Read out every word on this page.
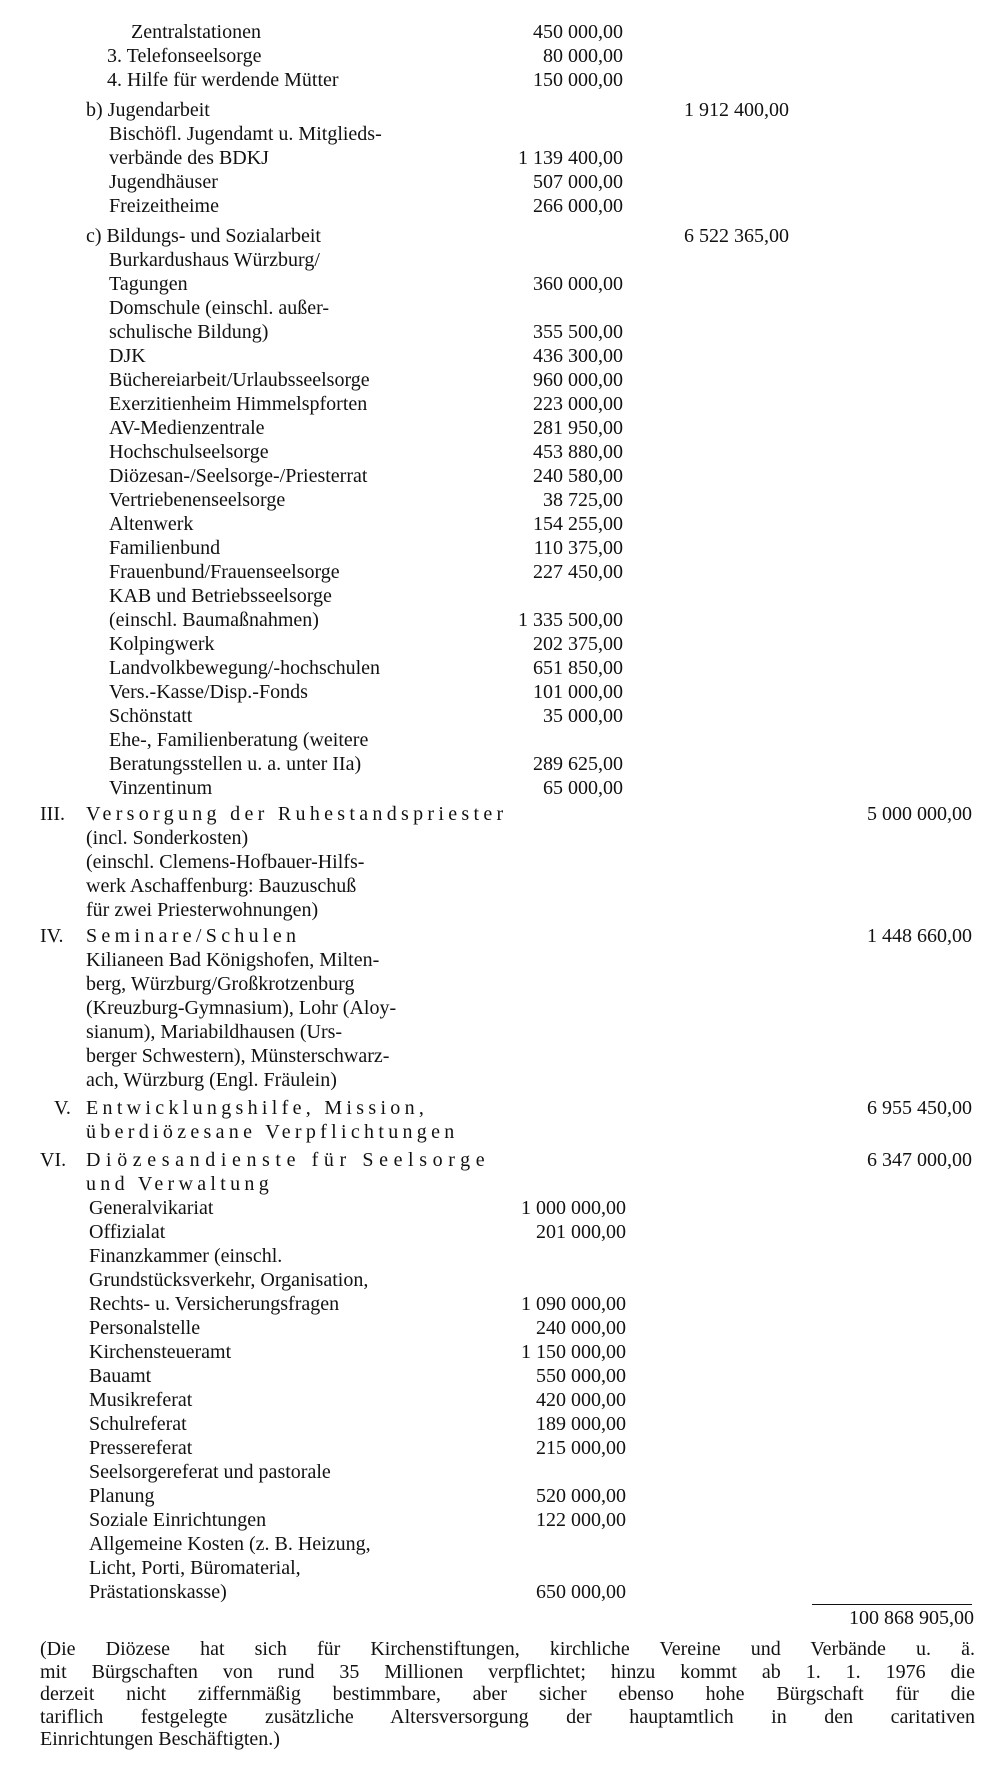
Zentralstationen	450 000,00
3. Telefonseelsorge	80 000,00
4. Hilfe für werdende Mütter	150 000,00
b) Jugendarbeit	1 912 400,00
Bischöfl. Jugendamt u. Mitglieds-
verbände des BDKJ	1 139 400,00
Jugendhäuser	507 000,00
Freizeitheime	266 000,00
c) Bildungs- und Sozialarbeit	6 522 365,00
Burkardushaus Würzburg/
Tagungen	360 000,00
Domschule (einschl. außer-
schulische Bildung)	355 500,00
DJK	436 300,00
Büchereiarbeit/Urlaubsseelsorge	960 000,00
Exerzitienheim Himmelspforten	223 000,00
AV-Medienzentrale	281 950,00
Hochschulseelsorge	453 880,00
Diözesan-/Seelsorge-/Priesterrat	240 580,00
Vertriebenenseelsorge	38 725,00
Altenwerk	154 255,00
Familienbund	110 375,00
Frauenbund/Frauenseelsorge	227 450,00
KAB und Betriebsseelsorge
(einschl. Baumaßnahmen)	1 335 500,00
Kolpingwerk	202 375,00
Landvolkbewegung/-hochschulen	651 850,00
Vers.-Kasse/Disp.-Fonds	101 000,00
Schönstatt	35 000,00
Ehe-, Familienberatung (weitere
Beratungsstellen u. a. unter IIa)	289 625,00
Vinzentinum	65 000,00
III. Versorgung der Ruhestandspriester	5 000 000,00
(incl. Sonderkosten)
(einschl. Clemens-Hofbauer-Hilfs-
werk Aschaffenburg: Bauzuschuß
für zwei Priesterwohnungen)
IV. Seminare/Schulen	1 448 660,00
Kilianeen Bad Königshofen, Milten-
berg, Würzburg/Großkrotzenburg
(Kreuzburg-Gymnasium), Lohr (Aloy-
sianum), Mariabildhausen (Urs-
berger Schwestern), Münsterschwarz-
ach, Würzburg (Engl. Fräulein)
V. Entwicklungshilfe, Mission,	6 955 450,00
überdiözesane Verpflichtungen
VI. Diözesandienste für Seelsorge	6 347 000,00
und Verwaltung
Generalvikariat	1 000 000,00
Offizialat	201 000,00
Finanzkammer (einschl.
Grundstücksverkehr, Organisation,
Rechts- u. Versicherungsfragen	1 090 000,00
Personalstelle	240 000,00
Kirchensteueramt	1 150 000,00
Bauamt	550 000,00
Musikreferat	420 000,00
Schulreferat	189 000,00
Pressereferat	215 000,00
Seelsorgereferat und pastorale
Planung	520 000,00
Soziale Einrichtungen	122 000,00
Allgemeine Kosten (z. B. Heizung,
Licht, Porti, Büromaterial,
Prästationskasse)	650 000,00
100 868 905,00
(Die Diözese hat sich für Kirchenstiftungen, kirchliche Vereine und Verbände u. ä.
mit Bürgschaften von rund 35 Millionen verpflichtet; hinzu kommt ab 1. 1. 1976 die
derzeit nicht ziffernmäßig bestimmbare, aber sicher ebenso hohe Bürgschaft für die
tariflich festgelegte zusätzliche Altersversorgung der hauptamtlich in den caritativen
Einrichtungen Beschäftigten.)
